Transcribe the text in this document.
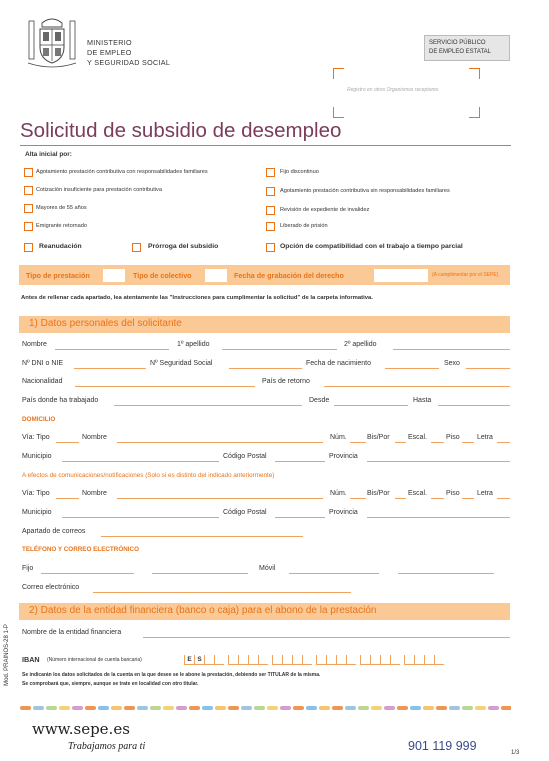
MINISTERIO
DE EMPLEO
Y SEGURIDAD SOCIAL
SERVICIO PÚBLICO
DE EMPLEO ESTATAL
Registro en otros Organismos receptores
Solicitud de subsidio de desempleo
Alta inicial por:
Agotamiento prestación contributiva con responsabilidades familiares
Cotización insuficiente para prestación contributiva
Mayores de 55 años
Emigrante retornado
Fijo discontinuo
Agotamiento prestación contributiva sin responsabilidades familiares
Revisión de expediente de invalidez
Liberado de prisión
Reanudación	Prórroga del subsidio	Opción de compatibilidad con el trabajo a tiempo parcial
Tipo de prestación	Tipo de colectivo	Fecha de grabación del derecho	(A cumplimentar por el SEPE)
Antes de rellenar cada apartado, lea atentamente las "Instrucciones para cumplimentar la solicitud" de la carpeta informativa.
1) Datos personales del solicitante
Nombre	1º apellido	2º apellido
Nº DNI o NIE	Nº Seguridad Social	Fecha de nacimiento	Sexo
Nacionalidad	País de retorno
País donde ha trabajado	Desde	Hasta
DOMICILIO
Vía: Tipo	Nombre	Núm.	Bis/Por	Escal.	Piso Letra
Municipio	Código Postal	Provincia
A efectos de comunicaciones/notificaciones (Solo si es distinto del indicado anteriormente)
Vía: Tipo	Nombre	Núm.	Bis/Por	Escal.	Piso Letra
Municipio	Código Postal	Provincia
Apartado de correos
TELÉFONO Y CORREO ELECTRÓNICO
Fijo	Móvil
Correo electrónico
2) Datos de la entidad financiera (banco o caja) para el abono de la prestación
Nombre de la entidad financiera
IBAN (Número internacional de cuenta bancaria)	E S
Se indicarán los datos solicitados de la cuenta en la que desee se le abone la prestación, debiendo ser TITULAR de la misma.
Se comprobará que, siempre, aunque se trate en localidad con otro titular.
Mod. PRAINOS-28 1-P
www.sepe.es
Trabajamos para ti	901 119 999	1/3
